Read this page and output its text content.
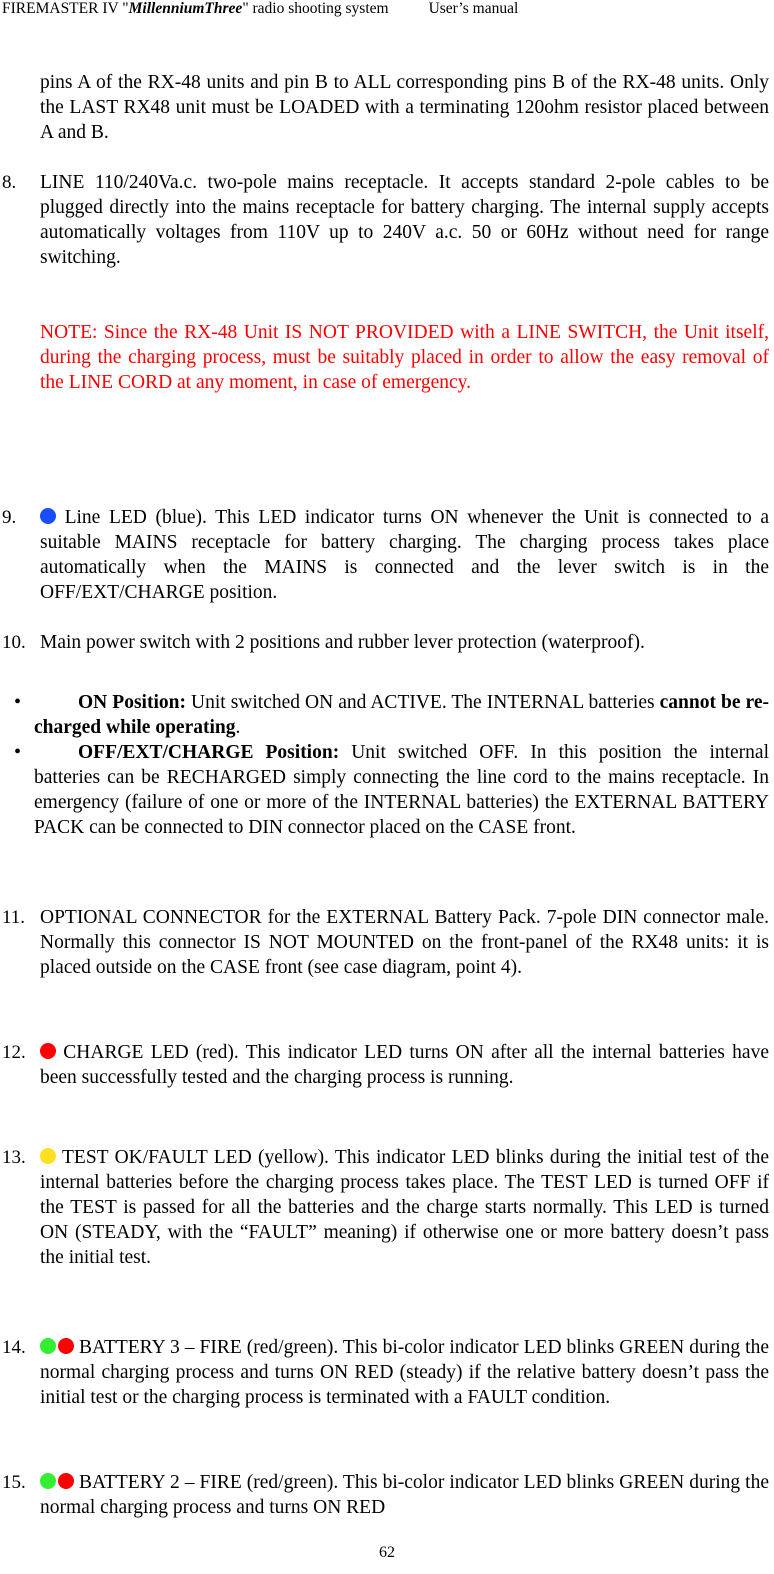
FIREMASTER IV "MillenniumThree" radio shooting system	User’s manual
pins A of the RX-48 units and pin B to ALL corresponding pins B of the RX-48 units. Only the LAST RX48 unit must be LOADED with a terminating 120ohm resistor placed between A and B.
8. LINE 110/240Va.c. two-pole mains receptacle. It accepts standard 2-pole cables to be plugged directly into the mains receptacle for battery charging. The internal supply accepts automatically voltages from 110V up to 240V a.c. 50 or 60Hz without need for range switching.
NOTE: Since the RX-48 Unit IS NOT PROVIDED with a LINE SWITCH, the Unit itself, during the charging process, must be suitably placed in order to allow the easy removal of the LINE CORD at any moment, in case of emergency.
9.	Line LED (blue). This LED indicator turns ON whenever the Unit is connected to a suitable MAINS receptacle for battery charging. The charging process takes place automatically when the MAINS is connected and the lever switch is in the OFF/EXT/CHARGE position.
10. Main power switch with 2 positions and rubber lever protection (waterproof).
•	ON Position: Unit switched ON and ACTIVE. The INTERNAL batteries cannot be re-charged while operating.
•	OFF/EXT/CHARGE Position: Unit switched OFF. In this position the internal batteries can be RECHARGED simply connecting the line cord to the mains receptacle. In emergency (failure of one or more of the INTERNAL batteries) the EXTERNAL BATTERY PACK can be connected to DIN connector placed on the CASE front.
11. OPTIONAL CONNECTOR for the EXTERNAL Battery Pack. 7-pole DIN connector male. Normally this connector IS NOT MOUNTED on the front-panel of the RX48 units: it is placed outside on the CASE front (see case diagram, point 4).
12.	CHARGE LED (red). This indicator LED turns ON after all the internal batteries have been successfully tested and the charging process is running.
13.	TEST OK/FAULT LED (yellow). This indicator LED blinks during the initial test of the internal batteries before the charging process takes place. The TEST LED is turned OFF if the TEST is passed for all the batteries and the charge starts normally. This LED is turned ON (STEADY, with the “FAULT” meaning) if otherwise one or more battery doesn’t pass the initial test.
14.	BATTERY 3 – FIRE (red/green). This bi-color indicator LED blinks GREEN during the normal charging process and turns ON RED (steady) if the relative battery doesn’t pass the initial test or the charging process is terminated with a FAULT condition.
15.	BATTERY 2 – FIRE (red/green). This bi-color indicator LED blinks GREEN during the normal charging process and turns ON RED
62
